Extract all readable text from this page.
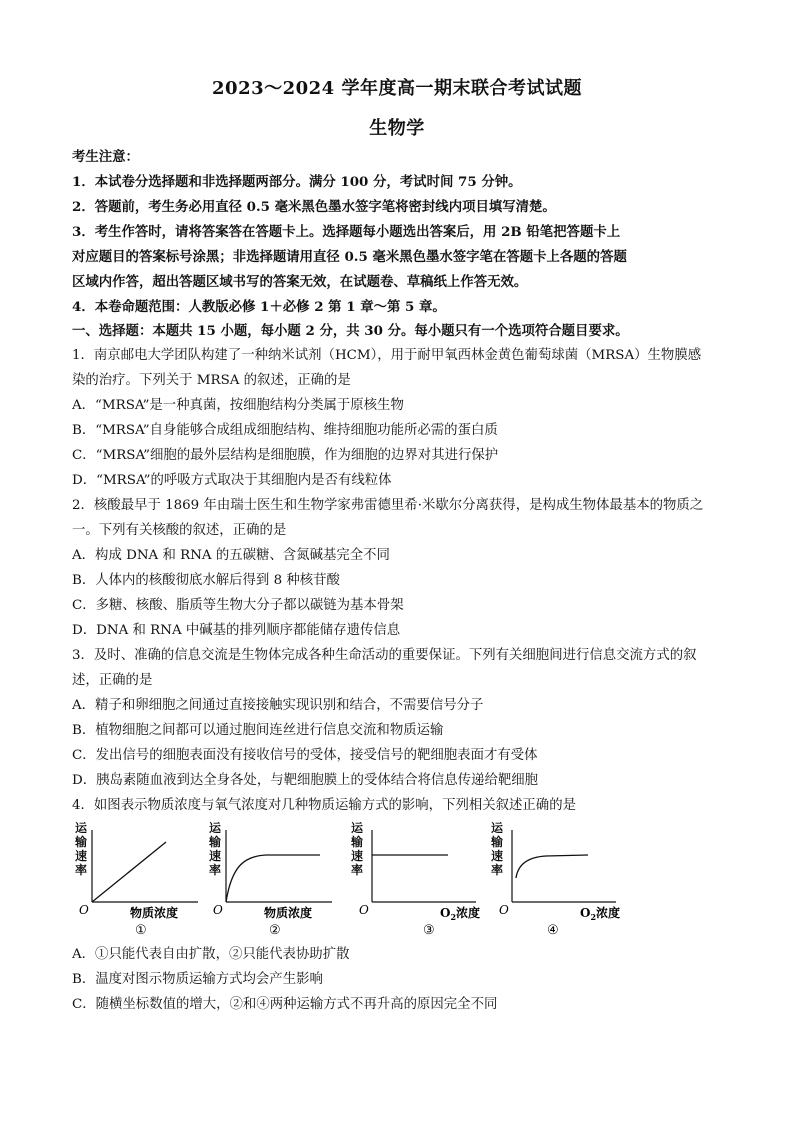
2023～2024 学年度高一期末联合考试试题
生物学
考生注意：
1．本试卷分选择题和非选择题两部分。满分 100 分，考试时间 75 分钟。
2．答题前，考生务必用直径 0.5 毫米黑色墨水签字笔将密封线内项目填写清楚。
3．考生作答时，请将答案答在答题卡上。选择题每小题选出答案后，用 2B 铅笔把答题卡上
对应题目的答案标号涂黑；非选择题请用直径 0.5 毫米黑色墨水签字笔在答题卡上各题的答题
区域内作答，超出答题区域书写的答案无效，在试题卷、草稿纸上作答无效。
4．本卷命题范围：人教版必修 1＋必修 2 第 1 章～第 5 章。
一、选择题：本题共 15 小题，每小题 2 分，共 30 分。每小题只有一个选项符合题目要求。
1．南京邮电大学团队构建了一种纳米试剂（HCM），用于耐甲氧西林金黄色葡萄球菌（MRSA）生物膜感
染的治疗。下列关于 MRSA 的叙述，正确的是
A．“MRSA”是一种真菌，按细胞结构分类属于原核生物
B．“MRSA”自身能够合成组成细胞结构、维持细胞功能所必需的蛋白质
C．“MRSA”细胞的最外层结构是细胞膜，作为细胞的边界对其进行保护
D．“MRSA”的呼吸方式取决于其细胞内是否有线粒体
2．核酸最早于 1869 年由瑞士医生和生物学家弗雷德里希·米歇尔分离获得，是构成生物体最基本的物质之
一。下列有关核酸的叙述，正确的是
A．构成 DNA 和 RNA 的五碳糖、含氮碱基完全不同
B．人体内的核酸彻底水解后得到 8 种核苷酸
C．多糖、核酸、脂质等生物大分子都以碳链为基本骨架
D．DNA 和 RNA 中碱基的排列顺序都能储存遗传信息
3．及时、准确的信息交流是生物体完成各种生命活动的重要保证。下列有关细胞间进行信息交流方式的叙
述，正确的是
A．精子和卵细胞之间通过直接接触实现识别和结合，不需要信号分子
B．植物细胞之间都可以通过胞间连丝进行信息交流和物质运输
C．发出信号的细胞表面没有接收信号的受体，接受信号的靶细胞表面才有受体
D．胰岛素随血液到达全身各处，与靶细胞膜上的受体结合将信息传递给靶细胞
4．如图表示物质浓度与氧气浓度对几种物质运输方式的影响，下列相关叙述正确的是
运
输
速
率
O	物质浓度
①
运
输
速
率
O	物质浓度
②
运
输
速
率
O	$O_2$浓度
③
运
输
速
率
O	$O_2$浓度
④
A．①只能代表自由扩散，②只能代表协助扩散
B．温度对图示物质运输方式均会产生影响
C．随横坐标数值的增大，②和④两种运输方式不再升高的原因完全不同
